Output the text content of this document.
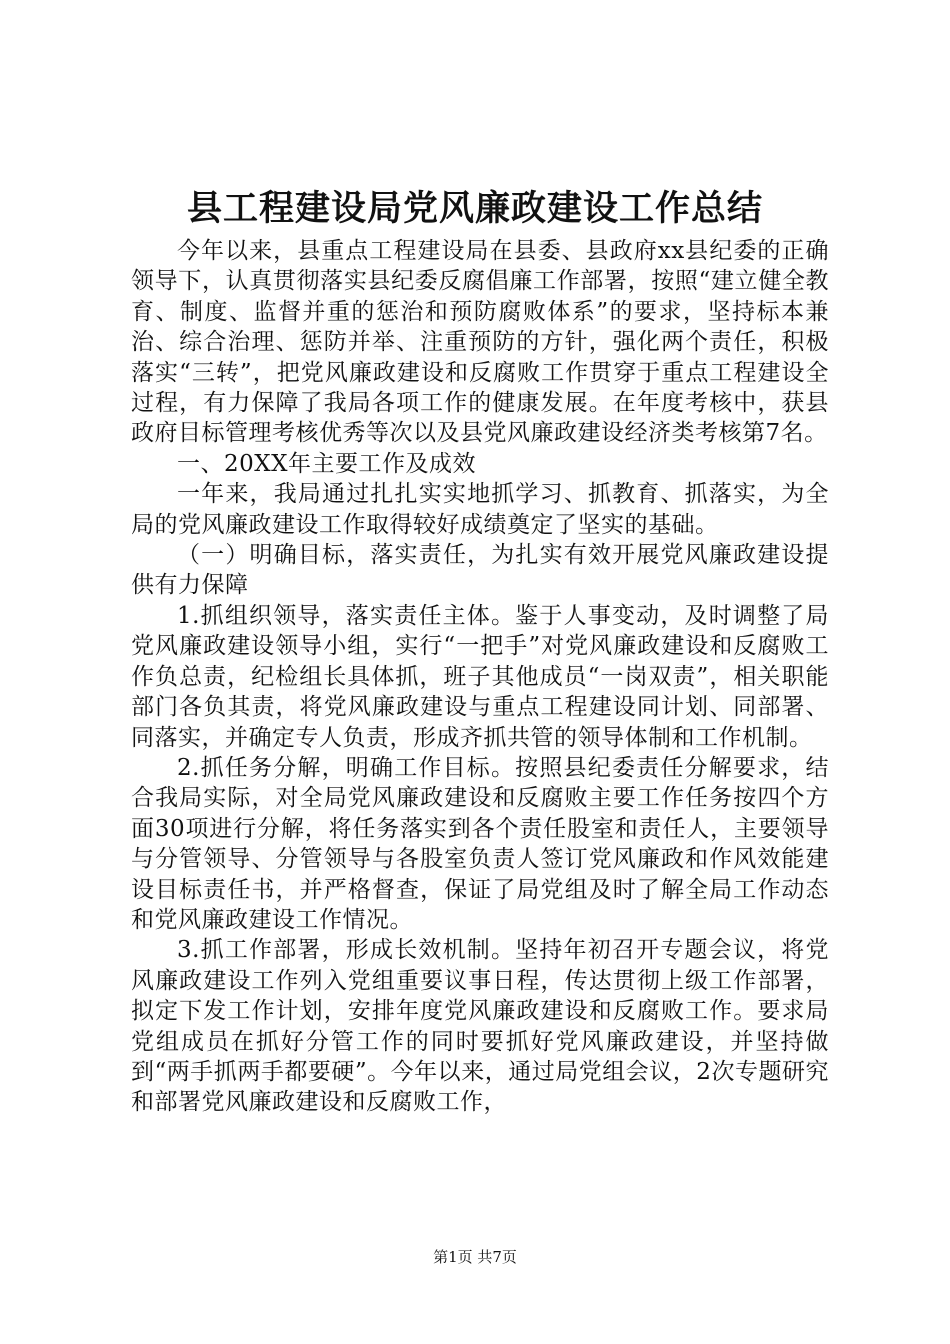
县工程建设局党风廉政建设工作总结

今年以来，县重点工程建设局在县委、县政府xx县纪委的正确领导下，认真贯彻落实县纪委反腐倡廉工作部署，按照“建立健全教育、制度、监督并重的惩治和预防腐败体系”的要求，坚持标本兼治、综合治理、惩防并举、注重预防的方针，强化两个责任，积极落实“三转”，把党风廉政建设和反腐败工作贯穿于重点工程建设全过程，有力保障了我局各项工作的健康发展。在年度考核中，获县政府目标管理考核优秀等次以及县党风廉政建设经济类考核第7名。

一、20XX年主要工作及成效

一年来，我局通过扎扎实实地抓学习、抓教育、抓落实，为全局的党风廉政建设工作取得较好成绩奠定了坚实的基础。

（一）明确目标，落实责任，为扎实有效开展党风廉政建设提供有力保障

1.抓组织领导，落实责任主体。鉴于人事变动，及时调整了局党风廉政建设领导小组，实行“一把手”对党风廉政建设和反腐败工作负总责，纪检组长具体抓，班子其他成员“一岗双责”，相关职能部门各负其责，将党风廉政建设与重点工程建设同计划、同部署、同落实，并确定专人负责，形成齐抓共管的领导体制和工作机制。

2.抓任务分解，明确工作目标。按照县纪委责任分解要求，结合我局实际，对全局党风廉政建设和反腐败主要工作任务按四个方面30项进行分解，将任务落实到各个责任股室和责任人，主要领导与分管领导、分管领导与各股室负责人签订党风廉政和作风效能建设目标责任书，并严格督查，保证了局党组及时了解全局工作动态和党风廉政建设工作情况。

3.抓工作部署，形成长效机制。坚持年初召开专题会议，将党风廉政建设工作列入党组重要议事日程，传达贯彻上级工作部署，拟定下发工作计划，安排年度党风廉政建设和反腐败工作。要求局党组成员在抓好分管工作的同时要抓好党风廉政建设，并坚持做到“两手抓两手都要硬”。今年以来，通过局党组会议，2次专题研究和部署党风廉政建设和反腐败工作，

第1页 共7页
